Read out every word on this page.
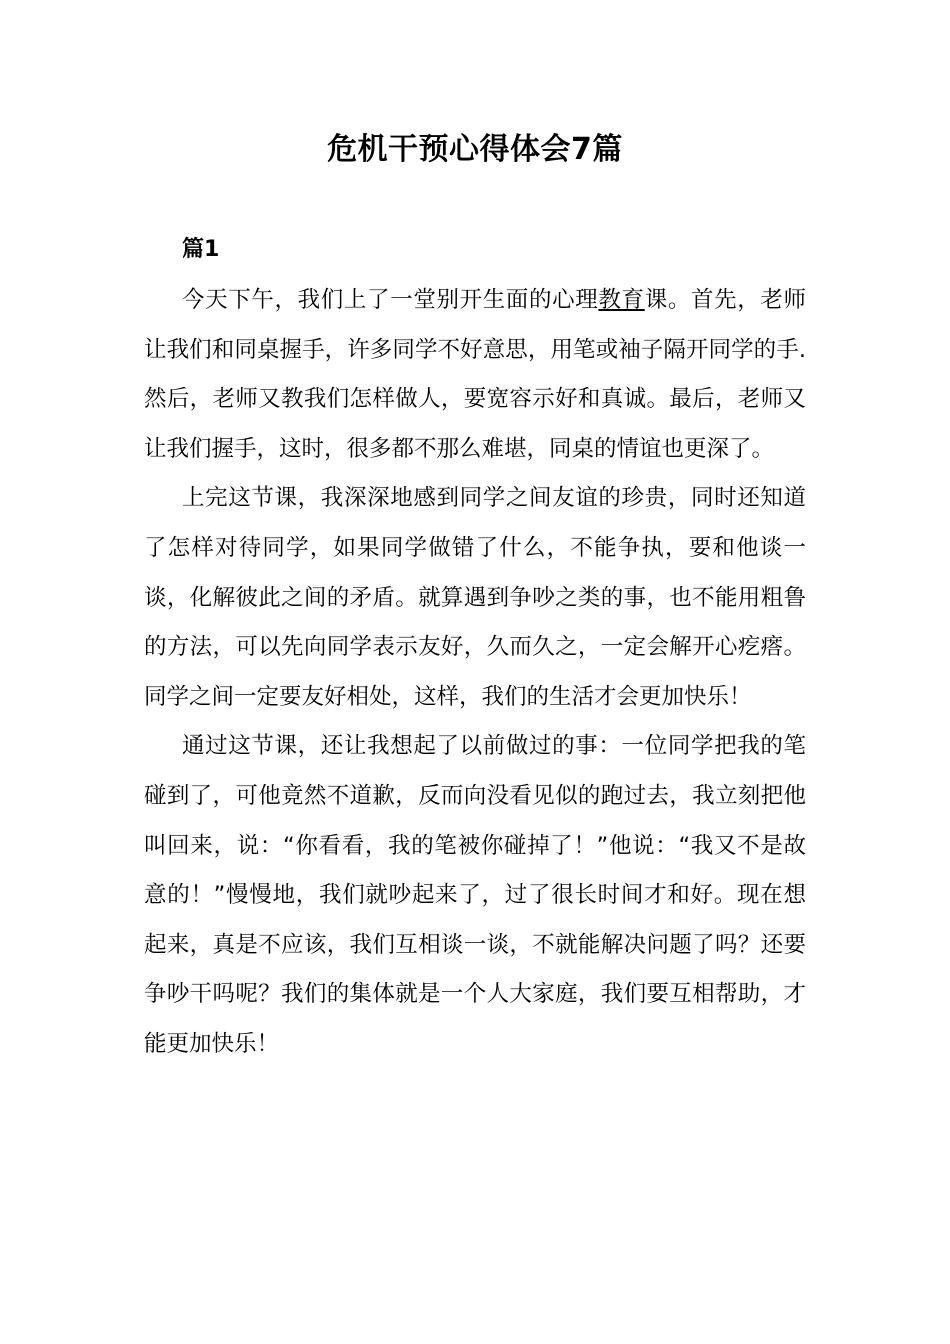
危机干预心得体会7篇
篇1

今天下午，我们上了一堂别开生面的心理教育课。首先，老师让我们和同桌握手，许多同学不好意思，用笔或袖子隔开同学的手.然后，老师又教我们怎样做人，要宽容示好和真诚。最后，老师又让我们握手，这时，很多都不那么难堪，同桌的情谊也更深了。

上完这节课，我深深地感到同学之间友谊的珍贵，同时还知道了怎样对待同学，如果同学做错了什么，不能争执，要和他谈一谈，化解彼此之间的矛盾。就算遇到争吵之类的事，也不能用粗鲁的方法，可以先向同学表示友好，久而久之，一定会解开心疙瘩。同学之间一定要友好相处，这样，我们的生活才会更加快乐！

通过这节课，还让我想起了以前做过的事：一位同学把我的笔碰到了，可他竟然不道歉，反而向没看见似的跑过去，我立刻把他叫回来，说：“你看看，我的笔被你碰掉了！”他说：“我又不是故意的！”慢慢地，我们就吵起来了，过了很长时间才和好。现在想起来，真是不应该，我们互相谈一谈，不就能解决问题了吗？还要争吵干吗呢？我们的集体就是一个人大家庭，我们要互相帮助，才能更加快乐！
